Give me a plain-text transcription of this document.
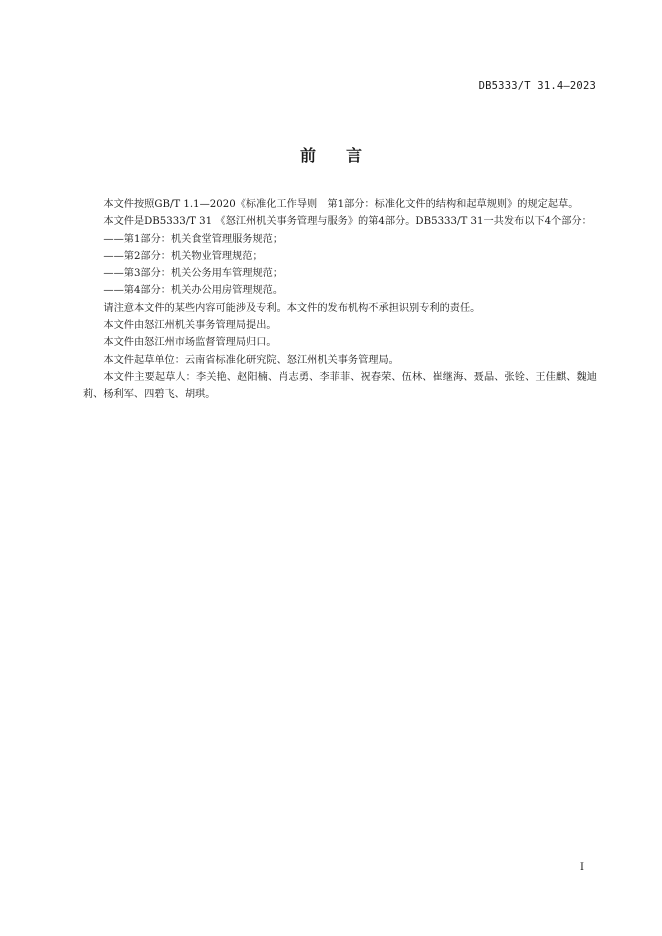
DB5333/T 31.4—2023
前言

本文件按照GB/T 1.1—2020《标准化工作导则　第1部分：标准化文件的结构和起草规则》的规定起草。

本文件是DB5333/T 31 《怒江州机关事务管理与服务》的第4部分。DB5333/T 31一共发布以下4个部分：

——第1部分：机关食堂管理服务规范；

——第2部分：机关物业管理规范；

——第3部分：机关公务用车管理规范；

——第4部分：机关办公用房管理规范。

请注意本文件的某些内容可能涉及专利。本文件的发布机构不承担识别专利的责任。

本文件由怒江州机关事务管理局提出。

本文件由怒江州市场监督管理局归口。

本文件起草单位：云南省标准化研究院、怒江州机关事务管理局。

本文件主要起草人：李关艳、赵阳楠、肖志勇、李菲菲、祝春荣、伍林、崔继海、聂晶、张铨、王佳麒、魏迪莉、杨利军、四碧飞、胡琪。

I
